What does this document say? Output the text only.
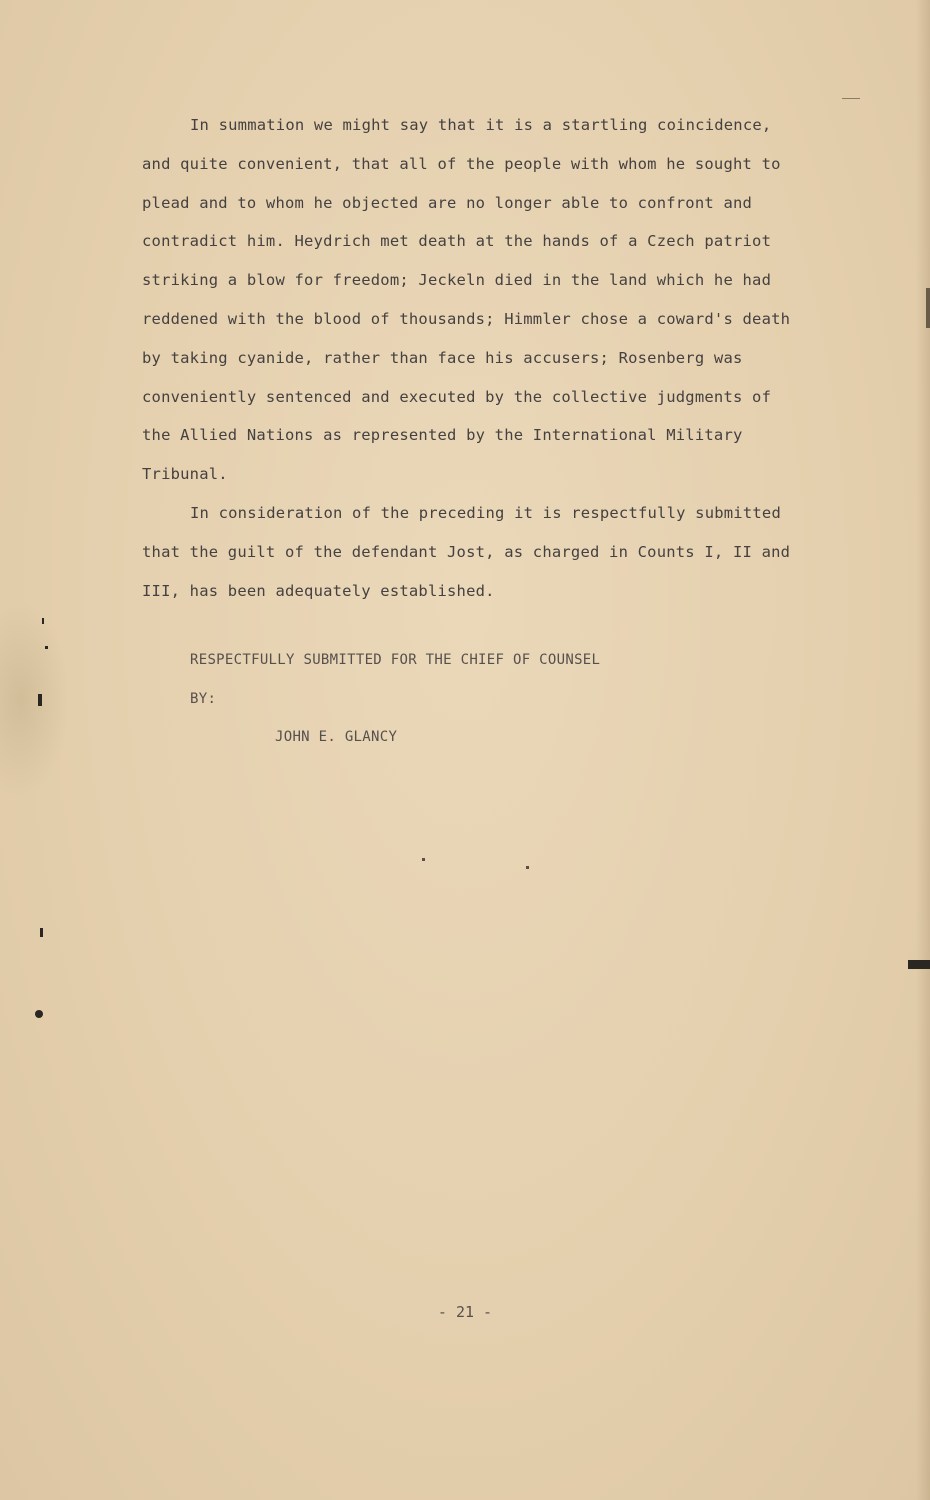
In summation we might say that it is a startling coincidence,
and quite convenient, that all of the people with whom he sought to
plead and to whom he objected are no longer able to confront and
contradict him. Heydrich met death at the hands of a Czech patriot
striking a blow for freedom; Jeckeln died in the land which he had
reddened with the blood of thousands; Himmler chose a coward's death
by taking cyanide, rather than face his accusers; Rosenberg was
conveniently sentenced and executed by the collective judgments of
the Allied Nations as represented by the International Military
Tribunal.
In consideration of the preceding it is respectfully submitted
that the guilt of the defendant Jost, as charged in Counts I, II and
III, has been adequately established.
RESPECTFULLY SUBMITTED FOR THE CHIEF OF COUNSEL
BY:
JOHN E. GLANCY
- 21 -
